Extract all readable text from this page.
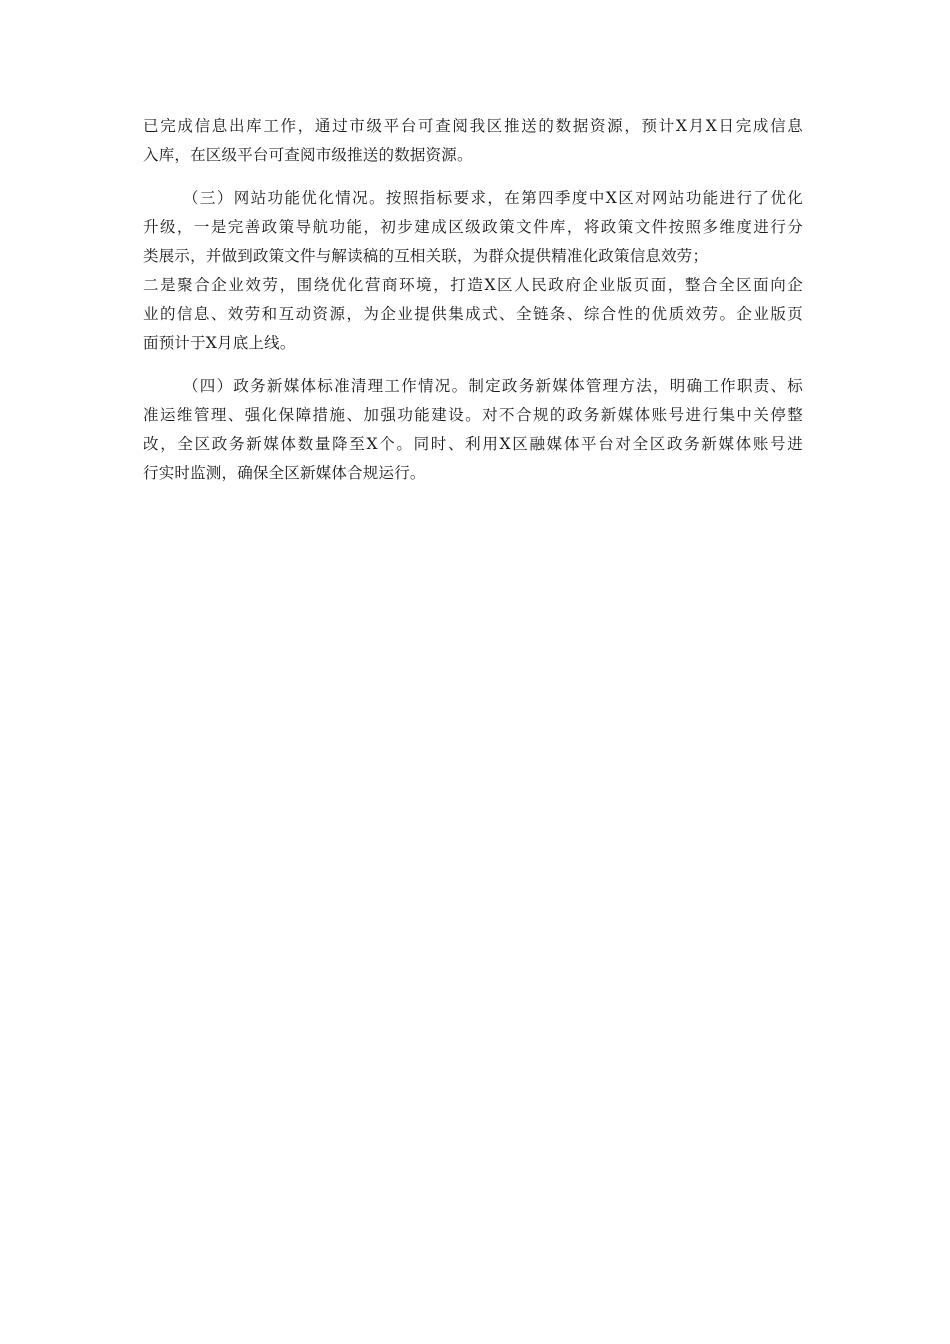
已完成信息出库工作，通过市级平台可查阅我区推送的数据资源，预计X月X日完成信息
入库，在区级平台可查阅市级推送的数据资源。

（三）网站功能优化情况。按照指标要求，在第四季度中X区对网站功能进行了优化
升级，一是完善政策导航功能，初步建成区级政策文件库，将政策文件按照多维度进行分
类展示，并做到政策文件与解读稿的互相关联，为群众提供精准化政策信息效劳；
二是聚合企业效劳，围绕优化营商环境，打造X区人民政府企业版页面，整合全区面向企
业的信息、效劳和互动资源，为企业提供集成式、全链条、综合性的优质效劳。企业版页
面预计于X月底上线。

（四）政务新媒体标准清理工作情况。制定政务新媒体管理方法，明确工作职责、标
准运维管理、强化保障措施、加强功能建设。对不合规的政务新媒体账号进行集中关停整
改，全区政务新媒体数量降至X个。同时、利用X区融媒体平台对全区政务新媒体账号进
行实时监测，确保全区新媒体合规运行。
